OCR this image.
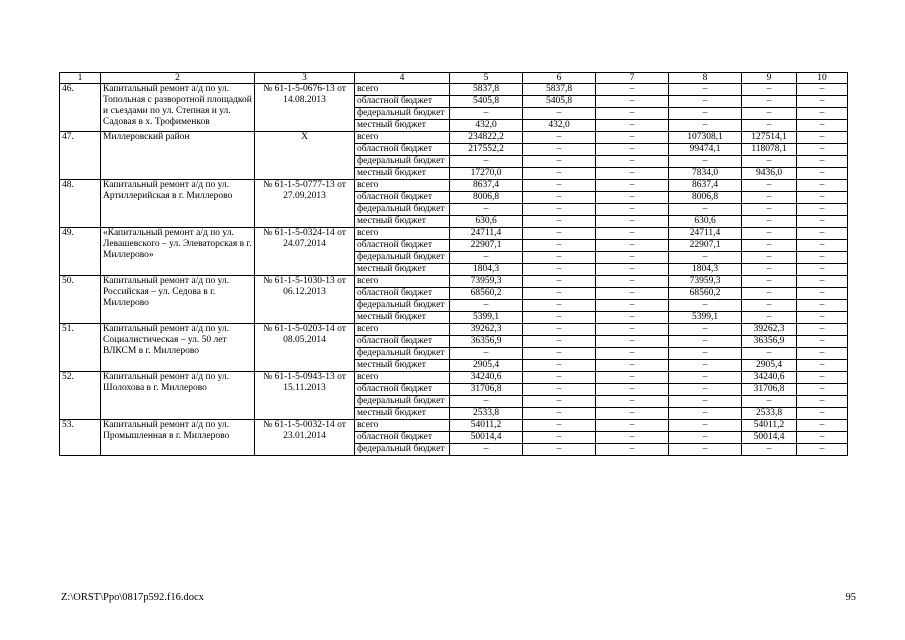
1	2	3	4	5	6	7	8	9	10
46.	Капитальный ремонт а/д по ул. Топольная с разворотной площадкой и съездами по ул. Степная и ул. Садовая в х. Трофименков	№ 61-1-5-0676-13 от 14.08.2013	всего	5837,8	5837,8	–	–	–	–
			областной бюджет	5405,8	5405,8	–	–	–	–
			федеральный бюджет	–	–	–	–	–	–
			местный бюджет	432,0	432,0	–	–	–	–
47.	Миллеровский район	Х	всего	234822,2	–	–	107308,1	127514,1	–
			областной бюджет	217552,2	–	–	99474,1	118078,1	–
			федеральный бюджет	–	–	–	–	–	–
			местный бюджет	17270,0	–	–	7834,0	9436,0	–
48.	Капитальный ремонт а/д по ул. Артиллерийская в г. Миллерово	№ 61-1-5-0777-13 от 27.09.2013	всего	8637,4	–	–	8637,4	–	–
			областной бюджет	8006,8	–	–	8006,8	–	–
			федеральный бюджет	–	–	–	–	–	–
			местный бюджет	630,6	–	–	630,6	–	–
49.	«Капитальный ремонт а/д по ул. Левашевского – ул. Элеваторская в г. Миллерово»	№ 61-1-5-0324-14 от 24.07.2014	всего	24711,4	–	–	24711,4	–	–
			областной бюджет	22907,1	–	–	22907,1	–	–
			федеральный бюджет	–	–	–	–	–	–
			местный бюджет	1804,3	–	–	1804,3	–	–
50.	Капитальный ремонт а/д по ул. Российская – ул. Седова в г. Миллерово	№ 61-1-5-1030-13 от 06.12.2013	всего	73959,3	–	–	73959,3	–	–
			областной бюджет	68560,2	–	–	68560,2	–	–
			федеральный бюджет	–	–	–	–	–	–
			местный бюджет	5399,1	–	–	5399,1	–	–
51.	Капитальный ремонт а/д по ул. Социалистическая – ул. 50 лет ВЛКСМ в г. Миллерово	№ 61-1-5-0203-14 от 08.05.2014	всего	39262,3	–	–	–	39262,3	–
			областной бюджет	36356,9	–	–	–	36356,9	–
			федеральный бюджет	–	–	–	–	–	–
			местный бюджет	2905,4	–	–	–	2905,4	–
52.	Капитальный ремонт а/д по ул. Шолохова в г. Миллерово	№ 61-1-5-0943-13 от 15.11.2013	всего	34240,6	–	–	–	34240,6	–
			областной бюджет	31706,8	–	–	–	31706,8	–
			федеральный бюджет	–	–	–	–	–	–
			местный бюджет	2533,8	–	–	–	2533,8	–
53.	Капитальный ремонт а/д по ул. Промышленная в г. Миллерово	№ 61-1-5-0032-14 от 23.01.2014	всего	54011,2	–	–	–	54011,2	–
			областной бюджет	50014,4	–	–	–	50014,4	–
			федеральный бюджет	–	–	–	–	–	–
Z:\ORST\Ppo\0817p592.f16.docx	95
